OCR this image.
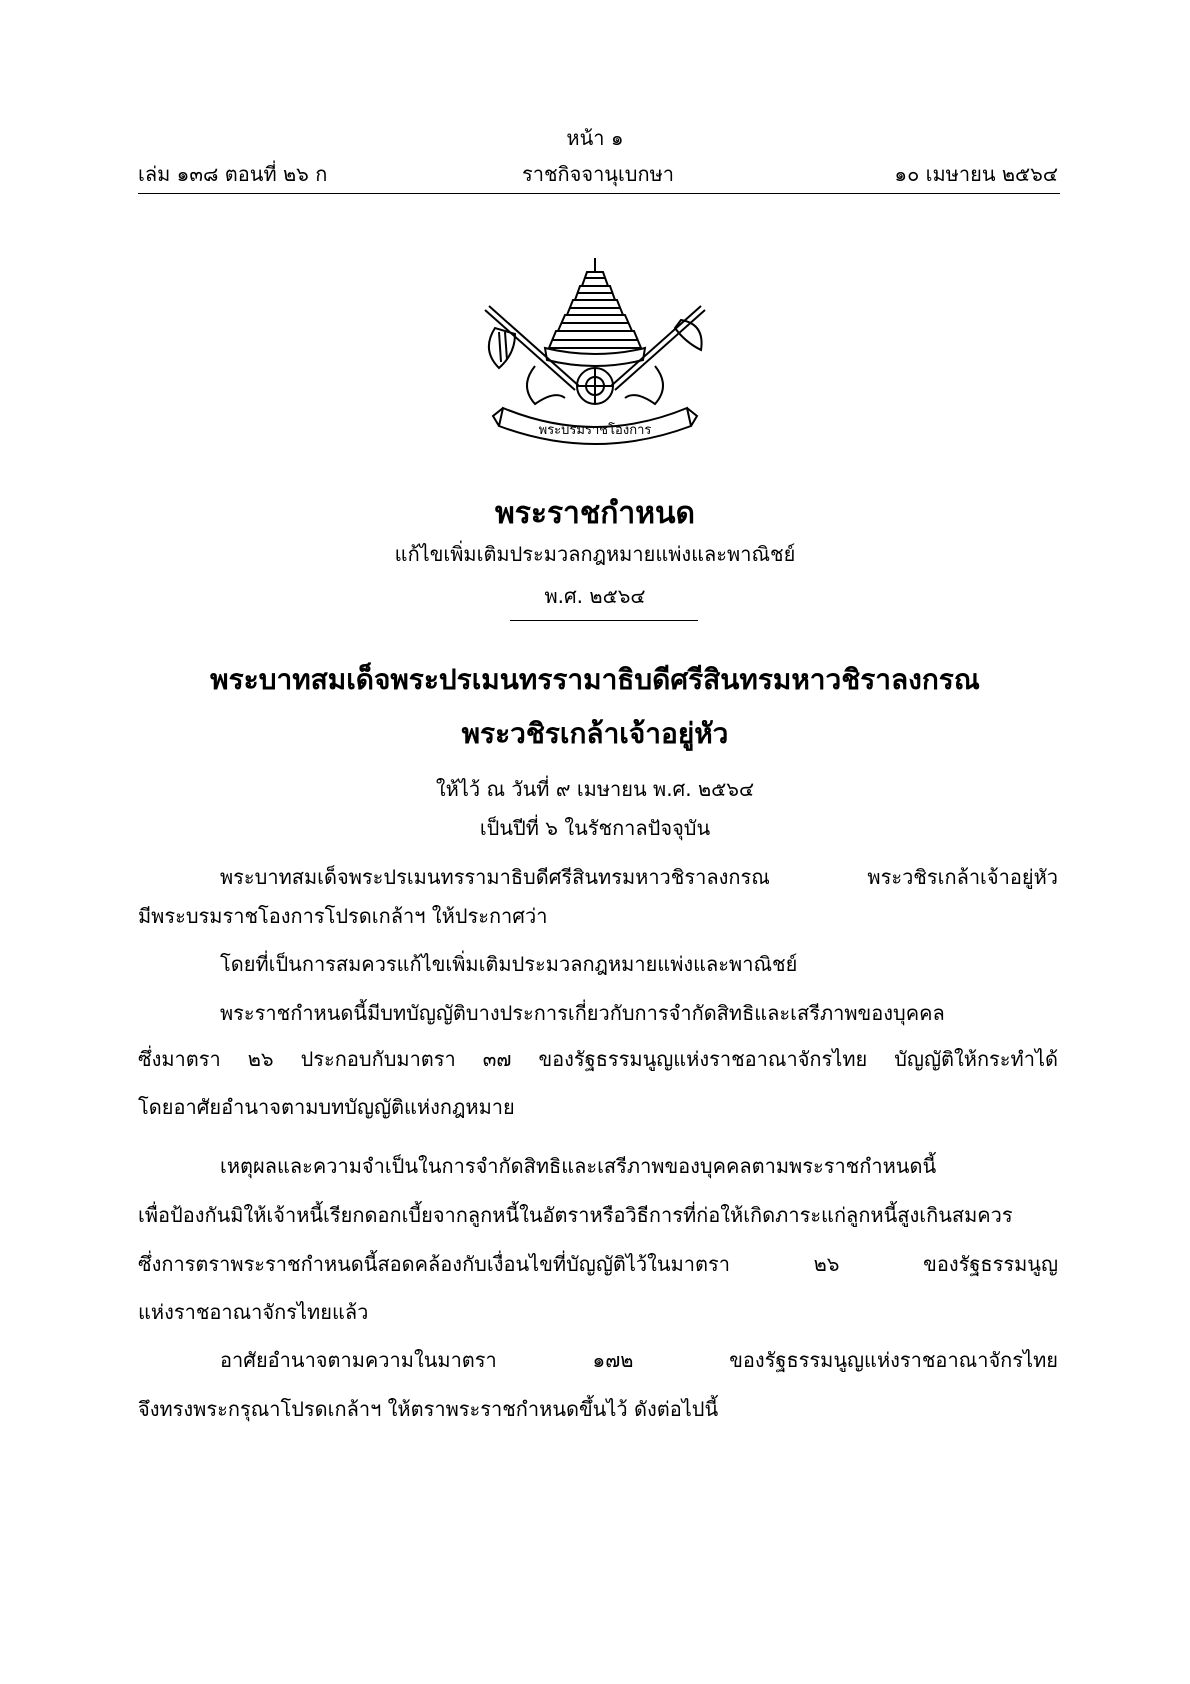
หน้า ๑
เล่ม ๑๓๘ ตอนที่ ๒๖ ก	ราชกิจจานุเบกษา	๑๐ เมษายน ๒๕๖๔
พระบรมราชโองการ
พระราชกำหนด
แก้ไขเพิ่มเติมประมวลกฎหมายแพ่งและพาณิชย์
พ.ศ. ๒๕๖๔
พระบาทสมเด็จพระปรเมนทรรามาธิบดีศรีสินทรมหาวชิราลงกรณ
พระวชิรเกล้าเจ้าอยู่หัว
ให้ไว้ ณ วันที่ ๙ เมษายน พ.ศ. ๒๕๖๔
เป็นปีที่ ๖ ในรัชกาลปัจจุบัน
พระบาทสมเด็จพระปรเมนทรรามาธิบดีศรีสินทรมหาวชิราลงกรณ พระวชิรเกล้าเจ้าอยู่หัว
มีพระบรมราชโองการโปรดเกล้าฯ ให้ประกาศว่า
โดยที่เป็นการสมควรแก้ไขเพิ่มเติมประมวลกฎหมายแพ่งและพาณิชย์
พระราชกำหนดนี้มีบทบัญญัติบางประการเกี่ยวกับการจำกัดสิทธิและเสรีภาพของบุคคล
ซึ่งมาตรา ๒๖ ประกอบกับมาตรา ๓๗ ของรัฐธรรมนูญแห่งราชอาณาจักรไทย บัญญัติให้กระทำได้
โดยอาศัยอำนาจตามบทบัญญัติแห่งกฎหมาย
เหตุผลและความจำเป็นในการจำกัดสิทธิและเสรีภาพของบุคคลตามพระราชกำหนดนี้
เพื่อป้องกันมิให้เจ้าหนี้เรียกดอกเบี้ยจากลูกหนี้ในอัตราหรือวิธีการที่ก่อให้เกิดภาระแก่ลูกหนี้สูงเกินสมควร
ซึ่งการตราพระราชกำหนดนี้สอดคล้องกับเงื่อนไขที่บัญญัติไว้ในมาตรา ๒๖ ของรัฐธรรมนูญ
แห่งราชอาณาจักรไทยแล้ว
อาศัยอำนาจตามความในมาตรา ๑๗๒ ของรัฐธรรมนูญแห่งราชอาณาจักรไทย
จึงทรงพระกรุณาโปรดเกล้าฯ ให้ตราพระราชกำหนดขึ้นไว้ ดังต่อไปนี้
